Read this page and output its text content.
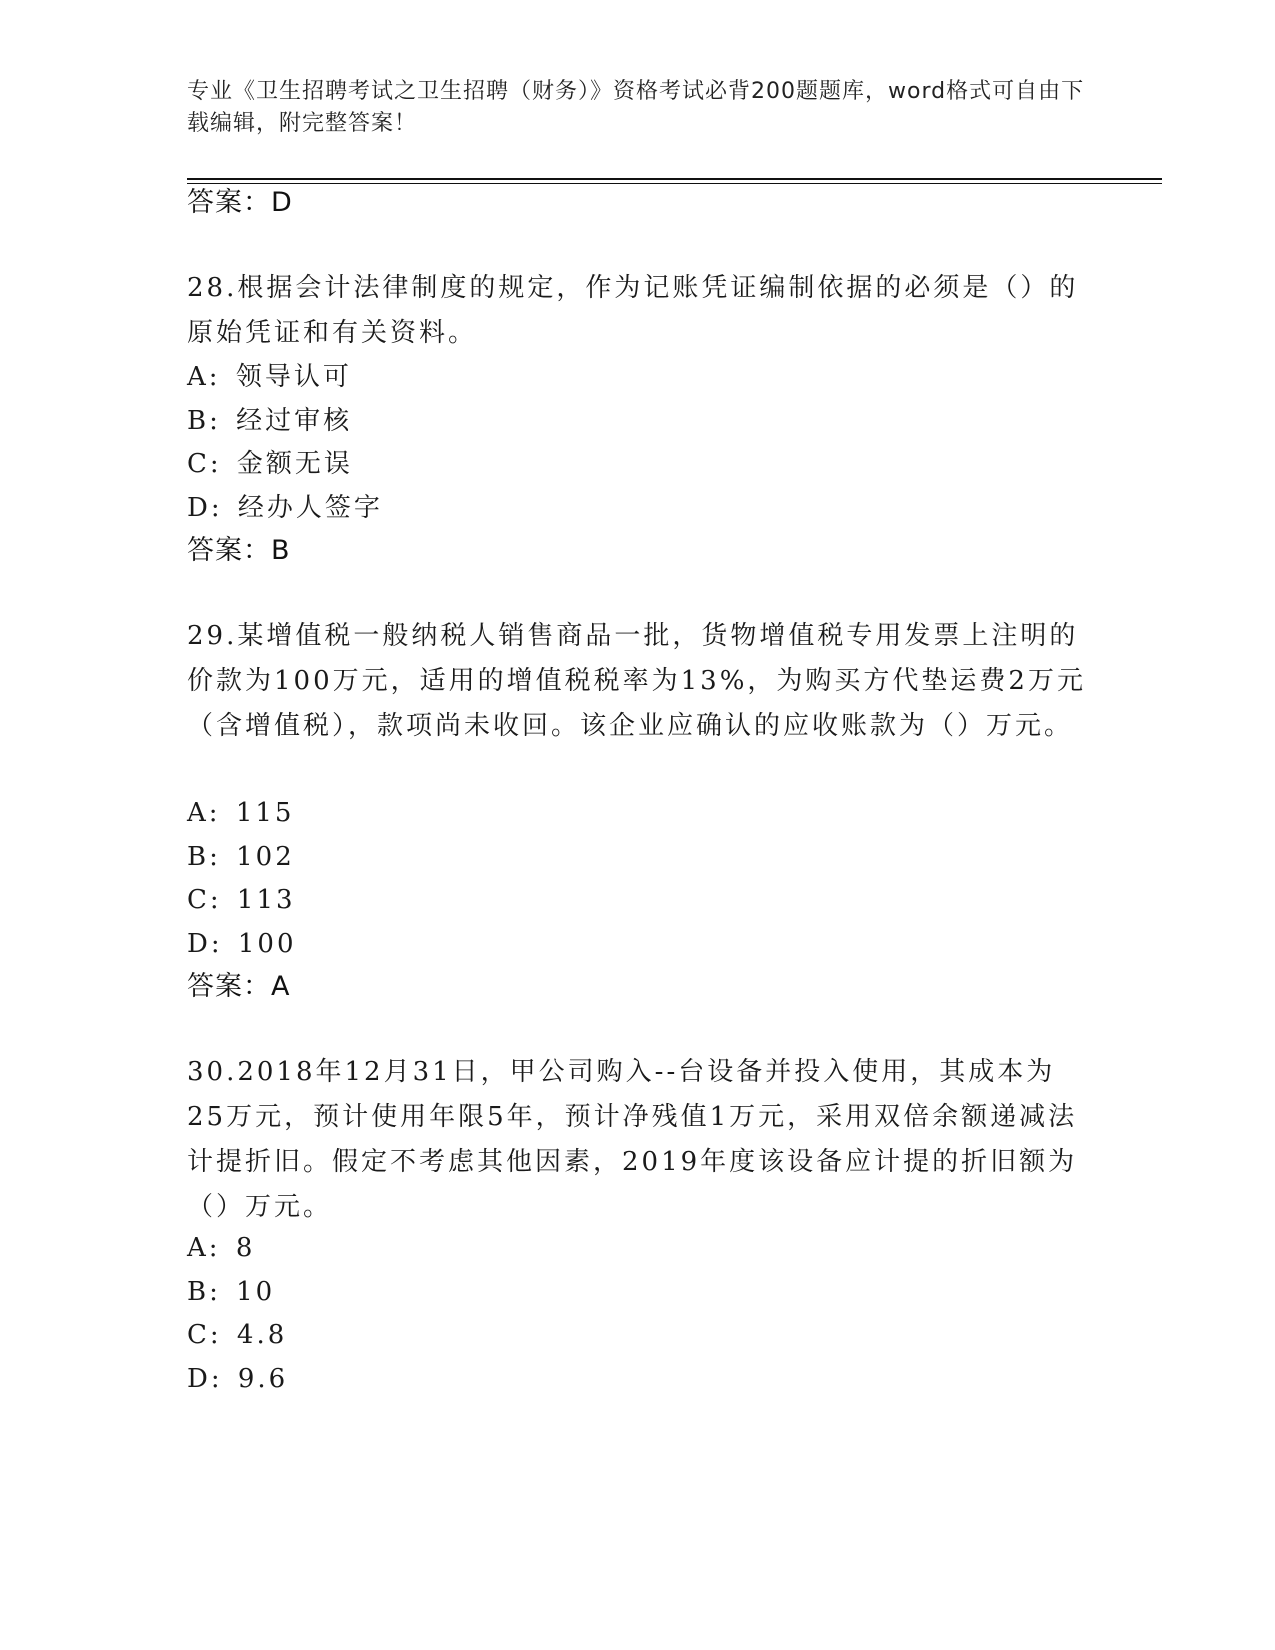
专业《卫生招聘考试之卫生招聘（财务）》资格考试必背200题题库，word格式可自由下载编辑，附完整答案！
答案：D
28.根据会计法律制度的规定，作为记账凭证编制依据的必须是（）的原始凭证和有关资料。
A: 领导认可
B: 经过审核
C: 金额无误
D: 经办人签字
答案：B
29.某增值税一般纳税人销售商品一批，货物增值税专用发票上注明的价款为100万元，适用的增值税税率为13%，为购买方代垫运费2万元（含增值税），款项尚未收回。该企业应确认的应收账款为（）万元。
A: 115
B: 102
C: 113
D: 100
答案：A
30.2018年12月31日，甲公司购入--台设备并投入使用，其成本为25万元，预计使用年限5年，预计净残值1万元，采用双倍余额递减法计提折旧。假定不考虑其他因素，2019年度该设备应计提的折旧额为（）万元。
A: 8
B: 10
C: 4.8
D: 9.6
